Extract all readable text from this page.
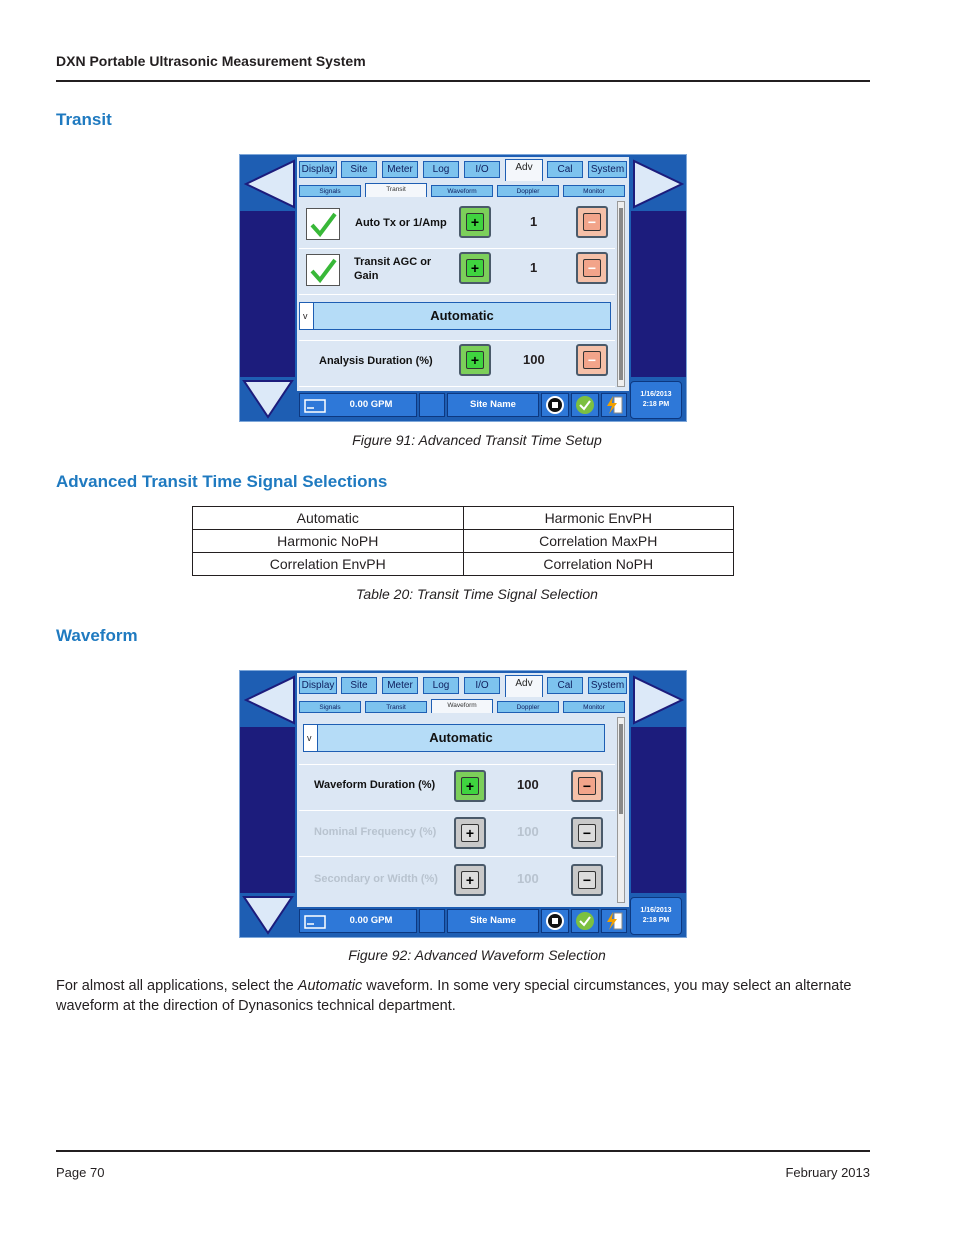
DXN Portable Ultrasonic Measurement System
Transit
Display	Site	Meter	Log	I/O	Adv	Cal	System
Signals	Transit	Waveform	Doppler	Monitor
Auto Tx or 1/Amp	+	1	−
Transit AGC or Gain	+	1	−
v	Automatic
Analysis Duration (%)	+	100	−
0.00 GPM	Site Name
1/16/2013
2:18 PM
Figure 91: Advanced Transit Time Setup
Advanced Transit Time Signal Selections
Automatic	Harmonic EnvPH
Harmonic NoPH	Correlation MaxPH
Correlation EnvPH	Correlation NoPH
Table 20: Transit Time Signal Selection
Waveform
Display	Site	Meter	Log	I/O	Adv	Cal	System
Signals	Transit	Waveform	Doppler	Monitor
v	Automatic
Waveform Duration (%)	+	100	−
Nominal Frequency (%)	+	100	−
Secondary or Width (%)	+	100	−
0.00 GPM	Site Name
1/16/2013
2:18 PM
Figure 92: Advanced Waveform Selection
For almost all applications, select the Automatic waveform. In some very special circumstances, you may select an alternate waveform at the direction of Dynasonics technical department.
Page 70	February 2013
